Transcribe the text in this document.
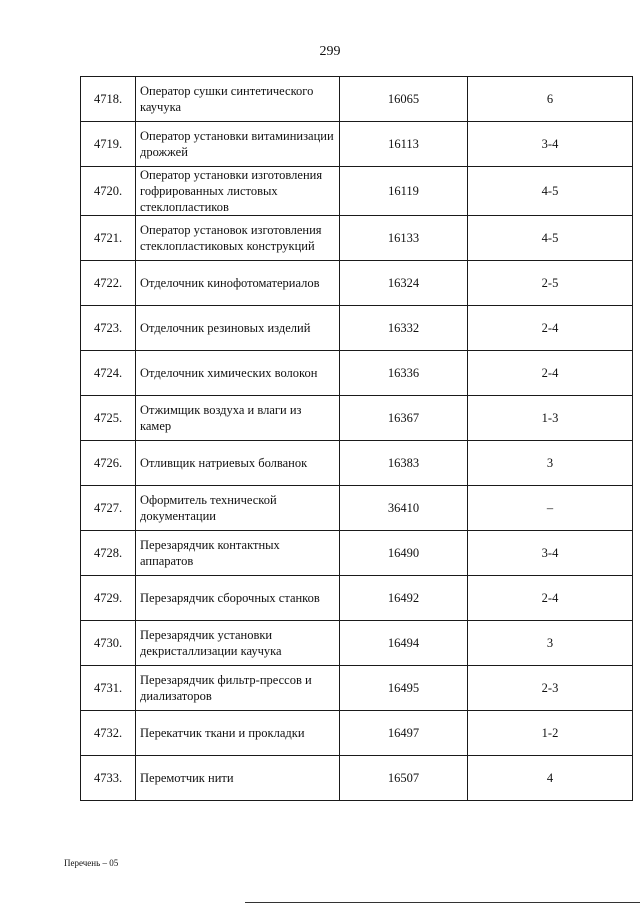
299
4718.	Оператор сушки синтетического каучука	16065	6
4719.	Оператор установки витаминизации дрожжей	16113	3-4
4720.	Оператор установки изготовления гофрированных листовых стеклопластиков	16119	4-5
4721.	Оператор установок изготовления стеклопластиковых конструкций	16133	4-5
4722.	Отделочник кинофотоматериалов	16324	2-5
4723.	Отделочник резиновых изделий	16332	2-4
4724.	Отделочник химических волокон	16336	2-4
4725.	Отжимщик воздуха и влаги из камер	16367	1-3
4726.	Отливщик натриевых болванок	16383	3
4727.	Оформитель технической документации	36410	–
4728.	Перезарядчик контактных аппаратов	16490	3-4
4729.	Перезарядчик сборочных станков	16492	2-4
4730.	Перезарядчик установки декристаллизации каучука	16494	3
4731.	Перезарядчик фильтр-прессов и диализаторов	16495	2-3
4732.	Перекатчик ткани и прокладки	16497	1-2
4733.	Перемотчик нити	16507	4
Перечень – 05
